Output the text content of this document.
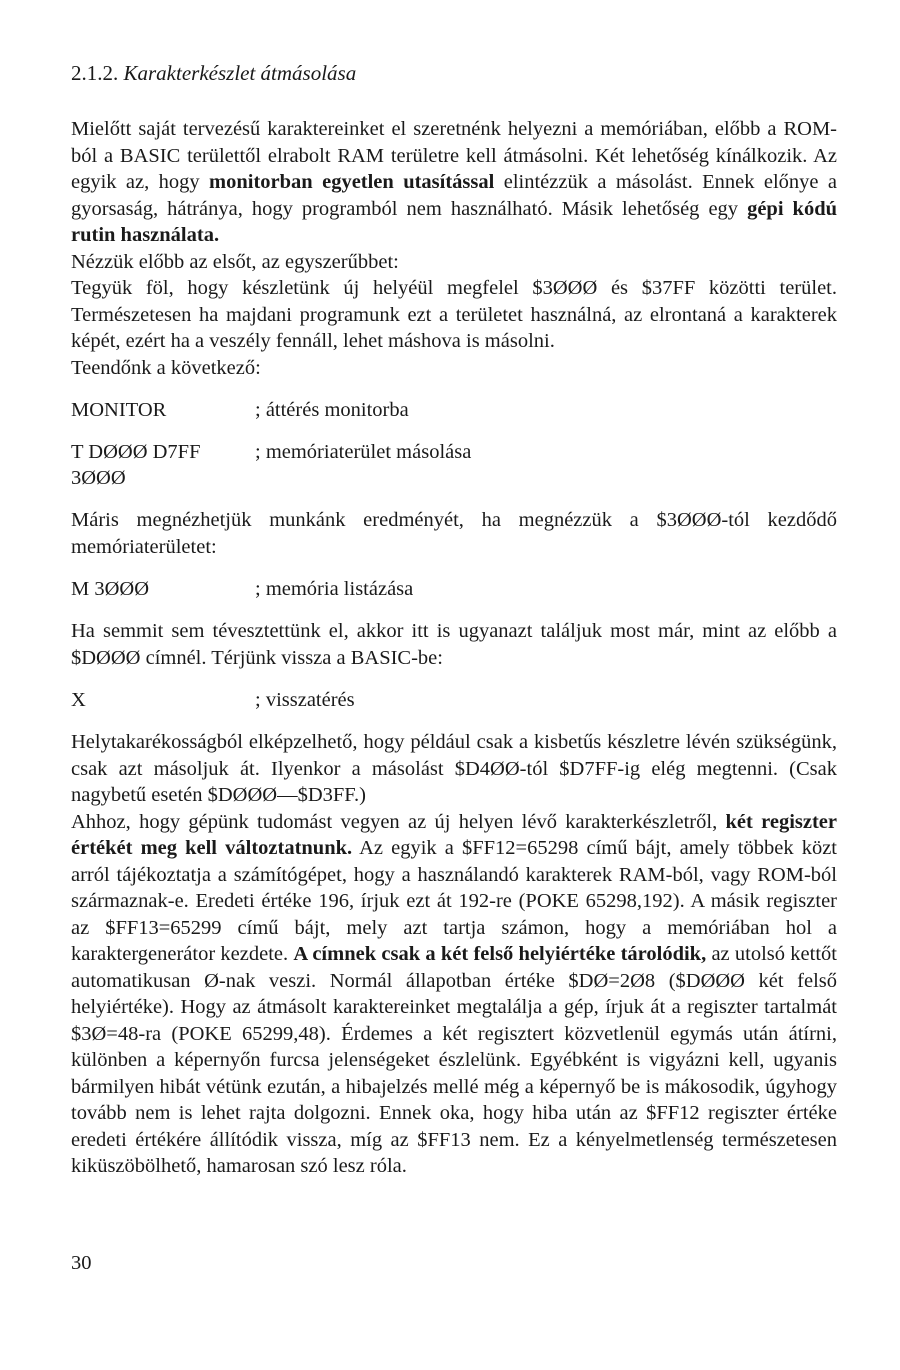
2.1.2. Karakterkészlet átmásolása

Mielőtt saját tervezésű karaktereinket el szeretnénk helyezni a memóriában, előbb a ROM-ból a BASIC területtől elrabolt RAM területre kell átmásolni. Két lehetőség kínálkozik. Az egyik az, hogy monitorban egyetlen utasítással elintézzük a másolást. Ennek előnye a gyorsaság, hátránya, hogy programból nem használható. Másik lehetőség egy gépi kódú rutin használata.

Nézzük előbb az elsőt, az egyszerűbbet:

Tegyük föl, hogy készletünk új helyéül megfelel $3ØØØ és $37FF közötti terület. Természetesen ha majdani programunk ezt a területet használná, az elrontaná a karakterek képét, ezért ha a veszély fennáll, lehet máshova is másolni.

Teendőnk a következő:

MONITOR	; áttérés monitorba
T DØØØ D7FF 3ØØØ
; memóriaterület másolása

Máris megnézhetjük munkánk eredményét, ha megnézzük a $3ØØØ-tól kezdődő memóriaterületet:

M 3ØØØ	; memória listázása

Ha semmit sem tévesztettünk el, akkor itt is ugyanazt találjuk most már, mint az előbb a $DØØØ címnél. Térjünk vissza a BASIC-be:

X	; visszatérés

Helytakarékosságból elképzelhető, hogy például csak a kisbetűs készletre lévén szükségünk, csak azt másoljuk át. Ilyenkor a másolást $D4ØØ-tól $D7FF-ig elég megtenni. (Csak nagybetű esetén $DØØØ—$D3FF.)

Ahhoz, hogy gépünk tudomást vegyen az új helyen lévő karakterkészletről, két regiszter értékét meg kell változtatnunk. Az egyik a $FF12=65298 című bájt, amely többek közt arról tájékoztatja a számítógépet, hogy a használandó karakterek RAM-ból, vagy ROM-ból származnak-e. Eredeti értéke 196, írjuk ezt át 192-re (POKE 65298,192). A másik regiszter az $FF13=65299 című bájt, mely azt tartja számon, hogy a memóriában hol a karaktergenerátor kezdete. A címnek csak a két felső helyiértéke tárolódik, az utolsó kettőt automatikusan Ø-nak veszi. Normál állapotban értéke $DØ=2Ø8 ($DØØØ két felső helyiértéke). Hogy az átmásolt karaktereinket megtalálja a gép, írjuk át a regiszter tartalmát $3Ø=48-ra (POKE 65299,48). Érdemes a két regisztert közvetlenül egymás után átírni, különben a képernyőn furcsa jelenségeket észlelünk. Egyébként is vigyázni kell, ugyanis bármilyen hibát vétünk ezután, a hibajelzés mellé még a képernyő be is mákosodik, úgyhogy tovább nem is lehet rajta dolgozni. Ennek oka, hogy hiba után az $FF12 regiszter értéke eredeti értékére állítódik vissza, míg az $FF13 nem. Ez a kényelmetlenség természetesen kiküszöbölhető, hamarosan szó lesz róla.

30
